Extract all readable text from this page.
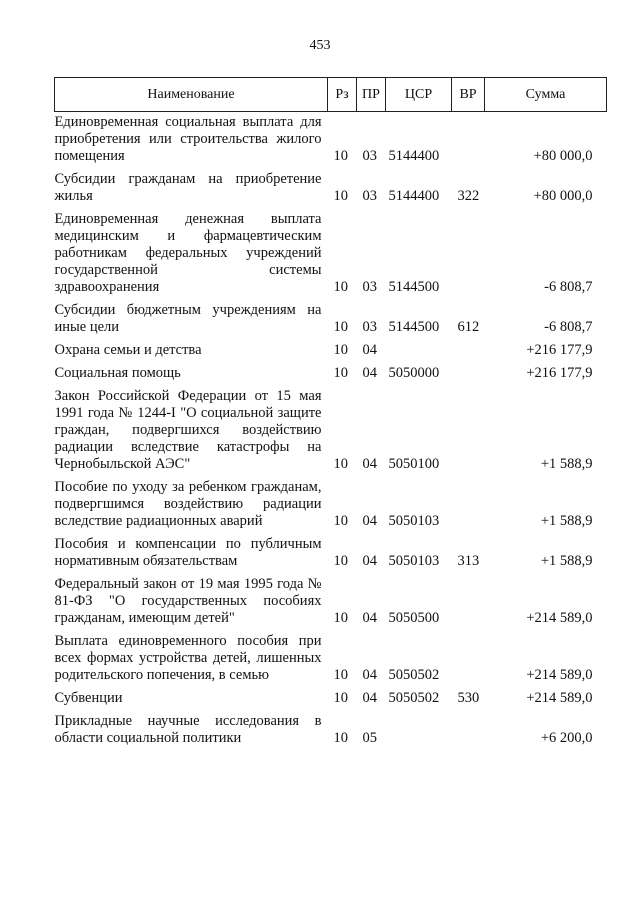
453
Наименование	Рз	ПР	ЦСР	ВР	Сумма
Единовременная социальная выплата для приобретения или строительства жилого помещения	10	03	5144400		+80 000,0
Субсидии гражданам на приобретение жилья	10	03	5144400	322	+80 000,0
Единовременная денежная выплата медицинским и фармацевтическим работникам федеральных учреждений государственной системы здравоохранения	10	03	5144500		-6 808,7
Субсидии бюджетным учреждениям на иные цели	10	03	5144500	612	-6 808,7
Охрана семьи и детства	10	04			+216 177,9
Социальная помощь	10	04	5050000		+216 177,9
Закон Российской Федерации от 15 мая 1991 года № 1244-I "О социальной защите граждан, подвергшихся воздействию радиации вследствие катастрофы на Чернобыльской АЭС"	10	04	5050100		+1 588,9
Пособие по уходу за ребенком гражданам, подвергшимся воздействию радиации вследствие радиационных аварий	10	04	5050103		+1 588,9
Пособия и компенсации по публичным нормативным обязательствам	10	04	5050103	313	+1 588,9
Федеральный закон от 19 мая 1995 года № 81-ФЗ "О государственных пособиях гражданам, имеющим детей"	10	04	5050500		+214 589,0
Выплата единовременного пособия при всех формах устройства детей, лишенных родительского попечения, в семью	10	04	5050502		+214 589,0
Субвенции	10	04	5050502	530	+214 589,0
Прикладные научные исследования в области социальной политики	10	05			+6 200,0
